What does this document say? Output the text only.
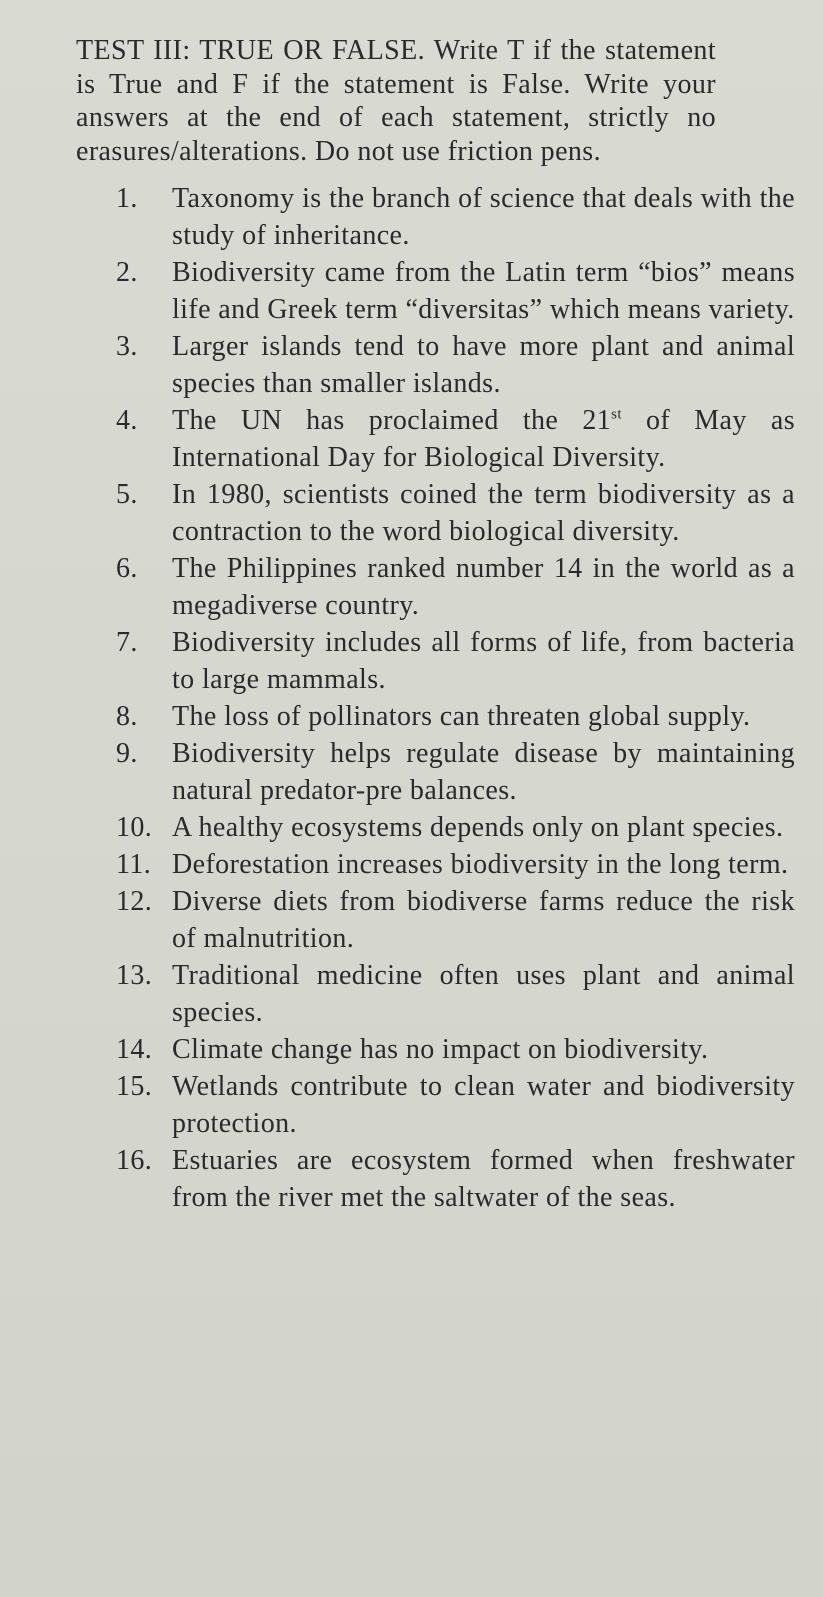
TEST III: TRUE OR FALSE. Write T if the statement is True and F if the statement is False. Write your answers at the end of each statement, strictly no erasures/alterations. Do not use friction pens.

1. Taxonomy is the branch of science that deals with the study of inheritance.
2. Biodiversity came from the Latin term “bios” means life and Greek term “diversitas” which means variety.
3. Larger islands tend to have more plant and animal species than smaller islands.
4. The UN has proclaimed the 21st of May as International Day for Biological Diversity.
5. In 1980, scientists coined the term biodiversity as a contraction to the word biological diversity.
6. The Philippines ranked number 14 in the world as a megadiverse country.
7. Biodiversity includes all forms of life, from bacteria to large mammals.
8. The loss of pollinators can threaten global supply.
9. Biodiversity helps regulate disease by maintaining natural predator-pre balances.
10. A healthy ecosystems depends only on plant species.
11. Deforestation increases biodiversity in the long term.
12. Diverse diets from biodiverse farms reduce the risk of malnutrition.
13. Traditional medicine often uses plant and animal species.
14. Climate change has no impact on biodiversity.
15. Wetlands contribute to clean water and biodiversity protection.
16. Estuaries are ecosystem formed when freshwater from the river met the saltwater of the seas.
